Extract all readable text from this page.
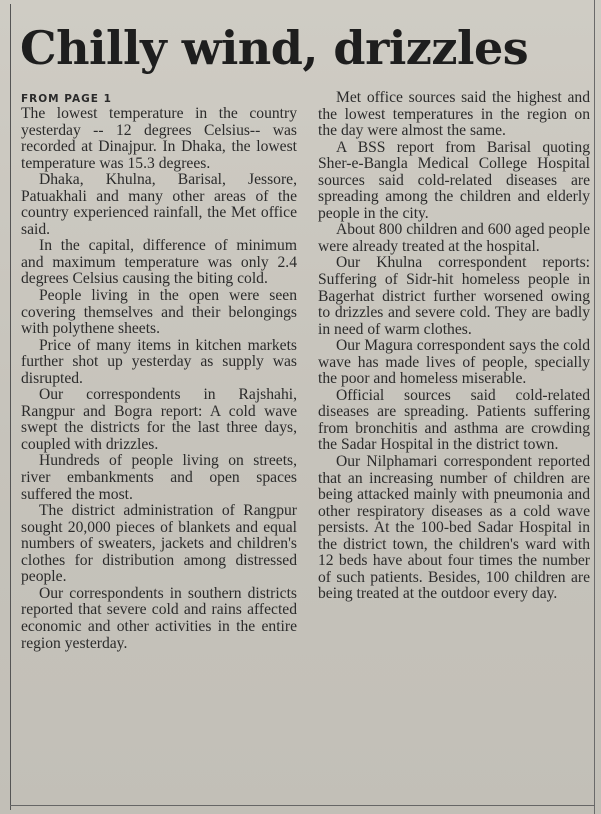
Chilly wind, drizzles
FROM PAGE 1

The lowest temperature in the country yesterday -- 12 degrees Celsius-- was recorded at Dinajpur. In Dhaka, the lowest temperature was 15.3 degrees.

Dhaka, Khulna, Barisal, Jessore, Patuakhali and many other areas of the country experienced rainfall, the Met office said.

In the capital, difference of minimum and maximum temperature was only 2.4 degrees Celsius causing the biting cold.

People living in the open were seen covering themselves and their belongings with polythene sheets.

Price of many items in kitchen markets further shot up yesterday as supply was disrupted.

Our correspondents in Rajshahi, Rangpur and Bogra report: A cold wave swept the districts for the last three days, coupled with drizzles.

Hundreds of people living on streets, river embankments and open spaces suffered the most.

The district administration of Rangpur sought 20,000 pieces of blankets and equal numbers of sweaters, jackets and children's clothes for distribution among distressed people.

Our correspondents in southern districts reported that severe cold and rains affected economic and other activities in the entire region yesterday.

Met office sources said the highest and the lowest temperatures in the region on the day were almost the same.

A BSS report from Barisal quoting Sher-e-Bangla Medical College Hospital sources said cold-related diseases are spreading among the children and elderly people in the city.

About 800 children and 600 aged people were already treated at the hospital.

Our Khulna correspondent reports: Suffering of Sidr-hit homeless people in Bagerhat district further worsened owing to drizzles and severe cold. They are badly in need of warm clothes.

Our Magura correspondent says the cold wave has made lives of people, specially the poor and homeless miserable.

Official sources said cold-related diseases are spreading. Patients suffering from bronchitis and asthma are crowding the Sadar Hospital in the district town.

Our Nilphamari correspondent reported that an increasing number of children are being attacked mainly with pneumonia and other respiratory diseases as a cold wave persists. At the 100-bed Sadar Hospital in the district town, the children's ward with 12 beds have about four times the number of such patients. Besides, 100 children are being treated at the outdoor every day.
